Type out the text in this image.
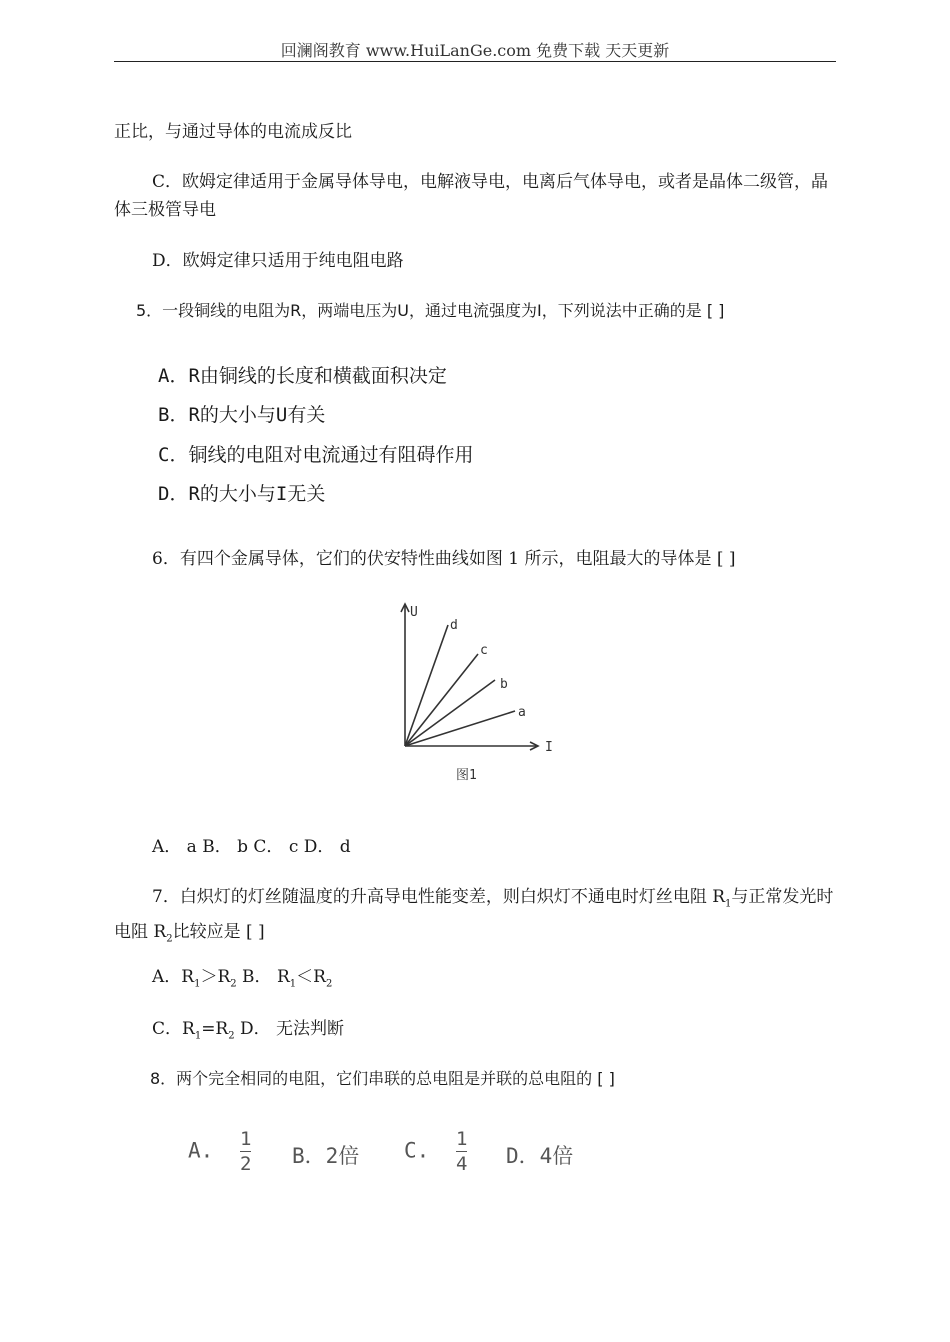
回澜阁教育 www.HuiLanGe.com 免费下载 天天更新
正比，与通过导体的电流成反比
C．欧姆定律适用于金属导体导电，电解液导电，电离后气体导电，或者是晶体二级管，晶体三极管导电
D．欧姆定律只适用于纯电阻电路
5．一段铜线的电阻为R，两端电压为U，通过电流强度为I，下列说法中正确的是 [ ]
A．R由铜线的长度和横截面积决定
B．R的大小与U有关
C．铜线的电阻对电流通过有阻碍作用
D．R的大小与I无关
6．有四个金属导体，它们的伏安特性曲线如图 1 所示，电阻最大的导体是 [ ]
U
I
a
b
c
d
图1
A． a B． b C． c D． d
7．白炽灯的灯丝随温度的升高导电性能变差，则白炽灯不通电时灯丝电阻 $R_1$与正常发光时电阻 $R_2$比较应是 [ ]
A．$R_1>R_2$ B． $R_1<R_2$
C．$R_1=R_2$ D． 无法判断
8．两个完全相同的电阻，它们串联的总电阻是并联的总电阻的 [ ]
A. $\frac{1}{2}$ B．2倍 C. $\frac{1}{4}$ D．4倍
